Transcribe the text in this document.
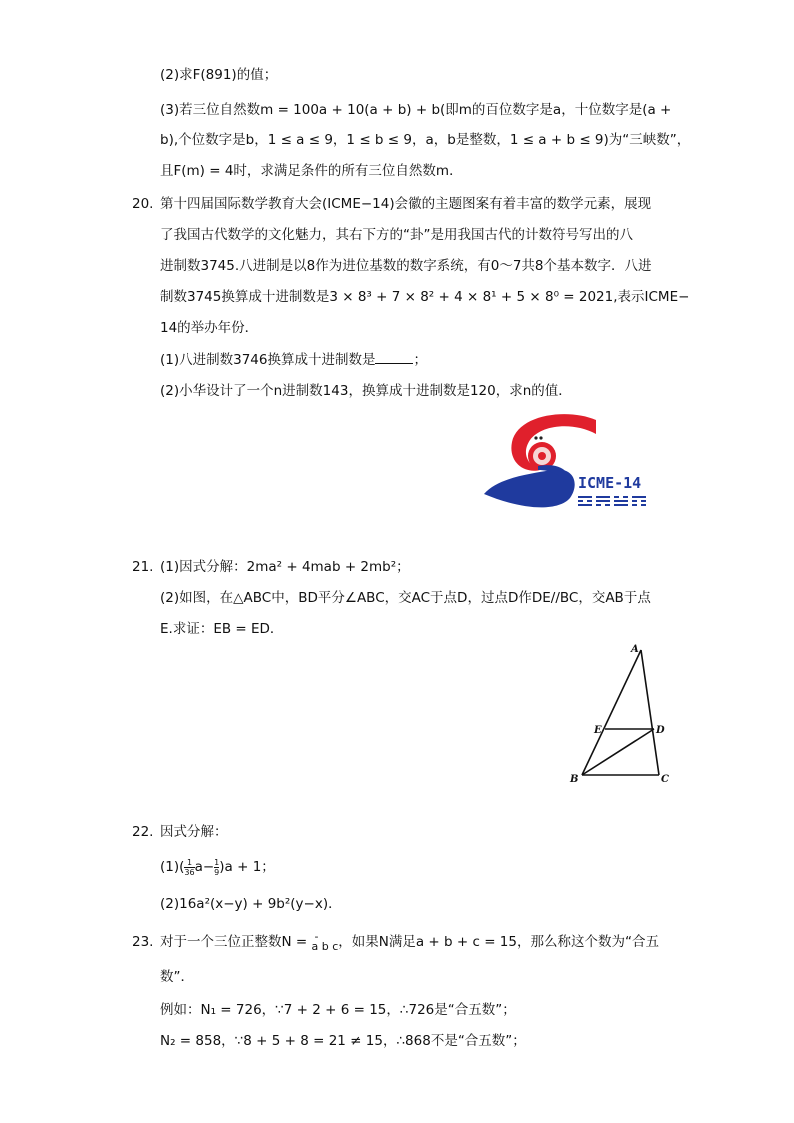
(2)求F(891)的值；
(3)若三位自然数m = 100a + 10(a + b) + b(即m的百位数字是a，十位数字是(a +
b),个位数字是b，1 ≤ a ≤ 9，1 ≤ b ≤ 9，a，b是整数，1 ≤ a + b ≤ 9)为“三峡数”，
且F(m) = 4时，求满足条件的所有三位自然数m．
20. 第十四届国际数学教育大会(ICME−14)会徽的主题图案有着丰富的数学元素，展现
了我国古代数学的文化魅力，其右下方的“卦”是用我国古代的计数符号写出的八
进制数3745.八进制是以8作为进位基数的数字系统，有0～7共8个基本数字．八进
制数3745换算成十进制数是3 × 8³ + 7 × 8² + 4 × 8¹ + 5 × 8⁰ = 2021,表示ICME−
14的举办年份．
(1)八进制数3746换算成十进制数是	；
(2)小华设计了一个n进制数143，换算成十进制数是120，求n的值．
ICME-14
21. (1)因式分解：2ma² + 4mab + 2mb²；
(2)如图，在△ABC中，BD平分∠ABC，交AC于点D，过点D作DE//BC，交AB于点
E.求证：EB = ED．
A
B	C
D
E
22. 因式分解：
$(1)( \frac{1}{36} a- \frac{1}{9} )a + 1$；
(2)16a²(x−y) + 9b²(y−x)．
23. 对于一个三位正整数N = - a b c，如果N满足a + b + c = 15，那么称这个数为“合五
数”．
例如：N₁ = 726，∵7 + 2 + 6 = 15，∴726是“合五数”；
N₂ = 858，∵8 + 5 + 8 = 21 ≠ 15，∴868不是“合五数”；
